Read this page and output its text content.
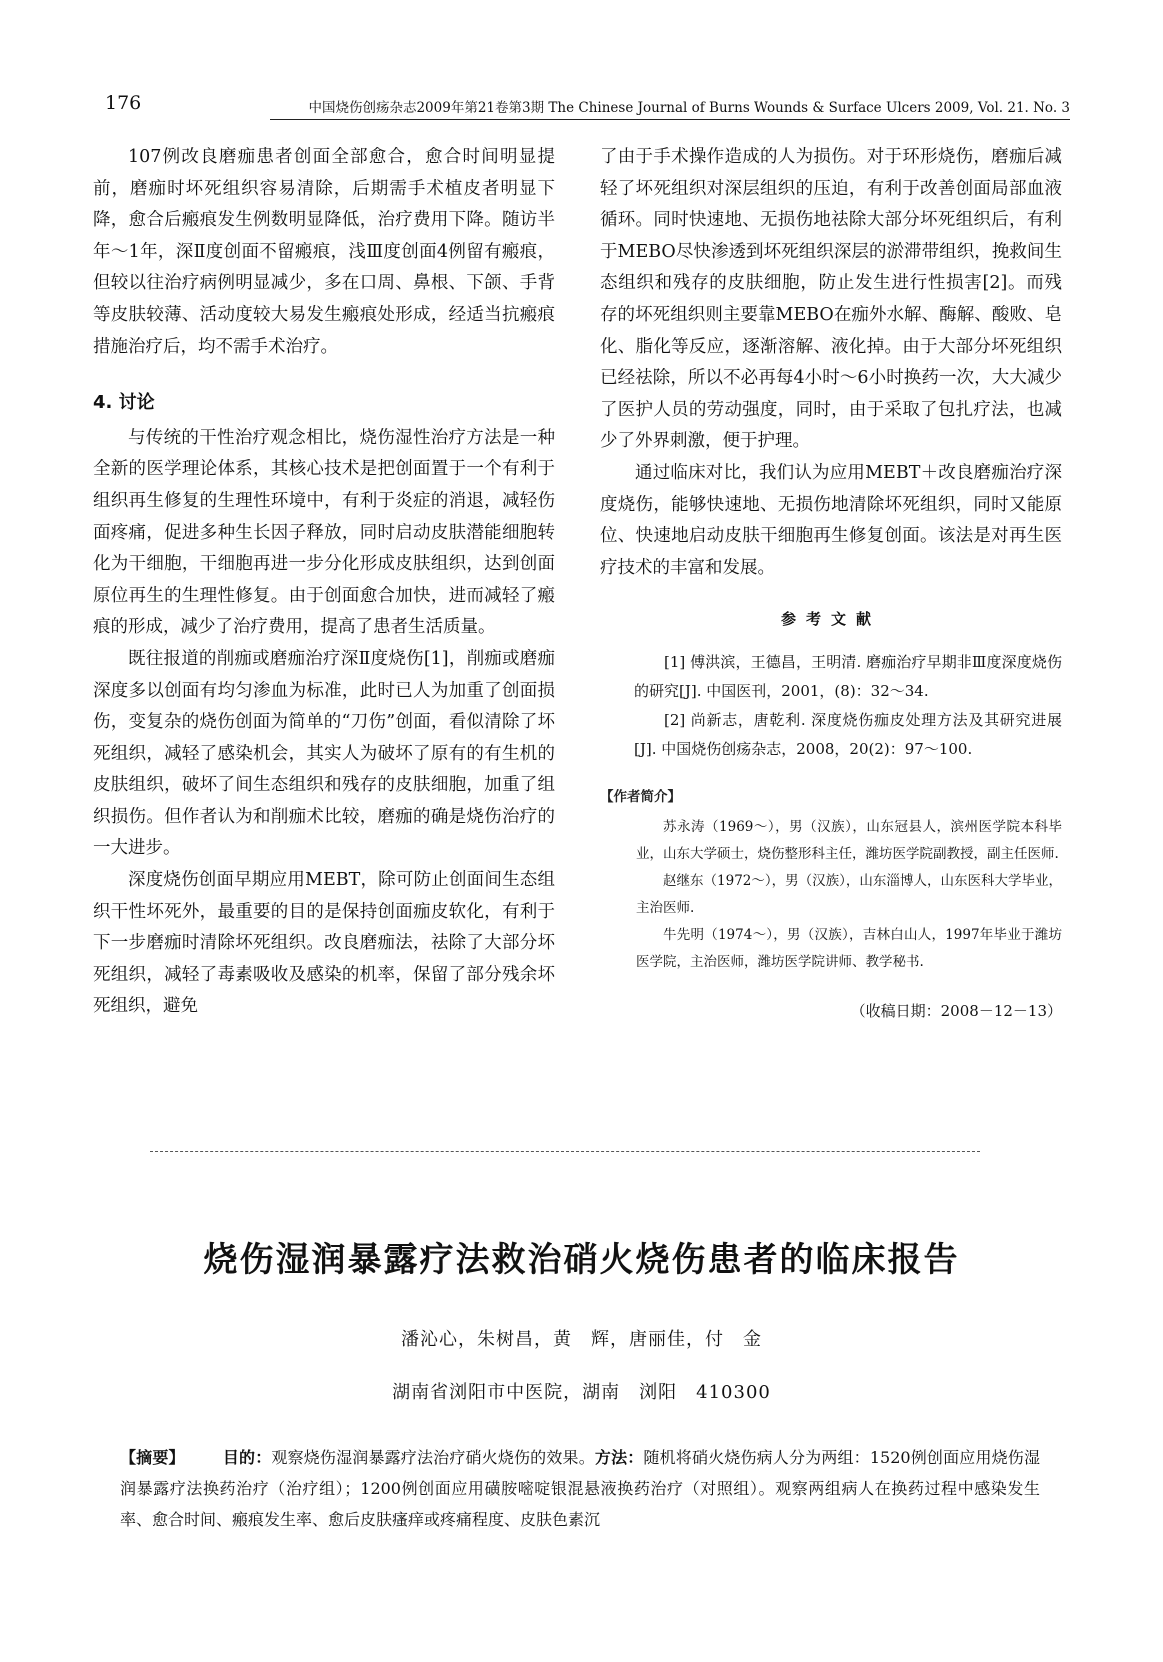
176	中国烧伤创疡杂志2009年第21卷第3期 The Chinese Journal of Burns Wounds & Surface Ulcers 2009, Vol. 21. No. 3

107例改良磨痂患者创面全部愈合，愈合时间明显提前，磨痂时坏死组织容易清除，后期需手术植皮者明显下降，愈合后瘢痕发生例数明显降低，治疗费用下降。随访半年～1年，深Ⅱ度创面不留瘢痕，浅Ⅲ度创面4例留有瘢痕，但较以往治疗病例明显减少，多在口周、鼻根、下颌、手背等皮肤较薄、活动度较大易发生瘢痕处形成，经适当抗瘢痕措施治疗后，均不需手术治疗。

4. 讨论

与传统的干性治疗观念相比，烧伤湿性治疗方法是一种全新的医学理论体系，其核心技术是把创面置于一个有利于组织再生修复的生理性环境中，有利于炎症的消退，减轻伤面疼痛，促进多种生长因子释放，同时启动皮肤潜能细胞转化为干细胞，干细胞再进一步分化形成皮肤组织，达到创面原位再生的生理性修复。由于创面愈合加快，进而减轻了瘢痕的形成，减少了治疗费用，提高了患者生活质量。

既往报道的削痂或磨痂治疗深Ⅱ度烧伤[1]，削痂或磨痂深度多以创面有均匀渗血为标准，此时已人为加重了创面损伤，变复杂的烧伤创面为简单的“刀伤”创面，看似清除了坏死组织，减轻了感染机会，其实人为破坏了原有的有生机的皮肤组织，破坏了间生态组织和残存的皮肤细胞，加重了组织损伤。但作者认为和削痂术比较，磨痂的确是烧伤治疗的一大进步。

深度烧伤创面早期应用MEBT，除可防止创面间生态组织干性坏死外，最重要的目的是保持创面痂皮软化，有利于下一步磨痂时清除坏死组织。改良磨痂法，祛除了大部分坏死组织，减轻了毒素吸收及感染的机率，保留了部分残余坏死组织，避免

了由于手术操作造成的人为损伤。对于环形烧伤，磨痂后减轻了坏死组织对深层组织的压迫，有利于改善创面局部血液循环。同时快速地、无损伤地祛除大部分坏死组织后，有利于MEBO尽快渗透到坏死组织深层的淤滞带组织，挽救间生态组织和残存的皮肤细胞，防止发生进行性损害[2]。而残存的坏死组织则主要靠MEBO在痂外水解、酶解、酸败、皂化、脂化等反应，逐渐溶解、液化掉。由于大部分坏死组织已经祛除，所以不必再每4小时～6小时换药一次，大大减少了医护人员的劳动强度，同时，由于采取了包扎疗法，也减少了外界刺激，便于护理。

通过临床对比，我们认为应用MEBT＋改良磨痂治疗深度烧伤，能够快速地、无损伤地清除坏死组织，同时又能原位、快速地启动皮肤干细胞再生修复创面。该法是对再生医疗技术的丰富和发展。

参考文献

[1] 傅洪滨，王德昌，王明清. 磨痂治疗早期非Ⅲ度深度烧伤的研究[J]. 中国医刊，2001，(8)：32～34.

[2] 尚新志，唐乾利. 深度烧伤痂皮处理方法及其研究进展[J]. 中国烧伤创疡杂志，2008，20(2)：97～100.

【作者简介】

苏永涛（1969～），男（汉族），山东冠县人，滨州医学院本科毕业，山东大学硕士，烧伤整形科主任，潍坊医学院副教授，副主任医师.

赵继东（1972～），男（汉族），山东淄博人，山东医科大学毕业，主治医师.

牛先明（1974～），男（汉族），吉林白山人，1997年毕业于潍坊医学院，主治医师，潍坊医学院讲师、教学秘书.

（收稿日期：2008－12－13）
烧伤湿润暴露疗法救治硝火烧伤患者的临床报告
潘沁心，朱树昌，黄　辉，唐丽佳，付　金
湖南省浏阳市中医院，湖南　浏阳　410300
【摘要】 目的：观察烧伤湿润暴露疗法治疗硝火烧伤的效果。方法：随机将硝火烧伤病人分为两组：1520例创面应用烧伤湿润暴露疗法换药治疗（治疗组）；1200例创面应用磺胺嘧啶银混悬液换药治疗（对照组）。观察两组病人在换药过程中感染发生率、愈合时间、瘢痕发生率、愈后皮肤瘙痒或疼痛程度、皮肤色素沉
